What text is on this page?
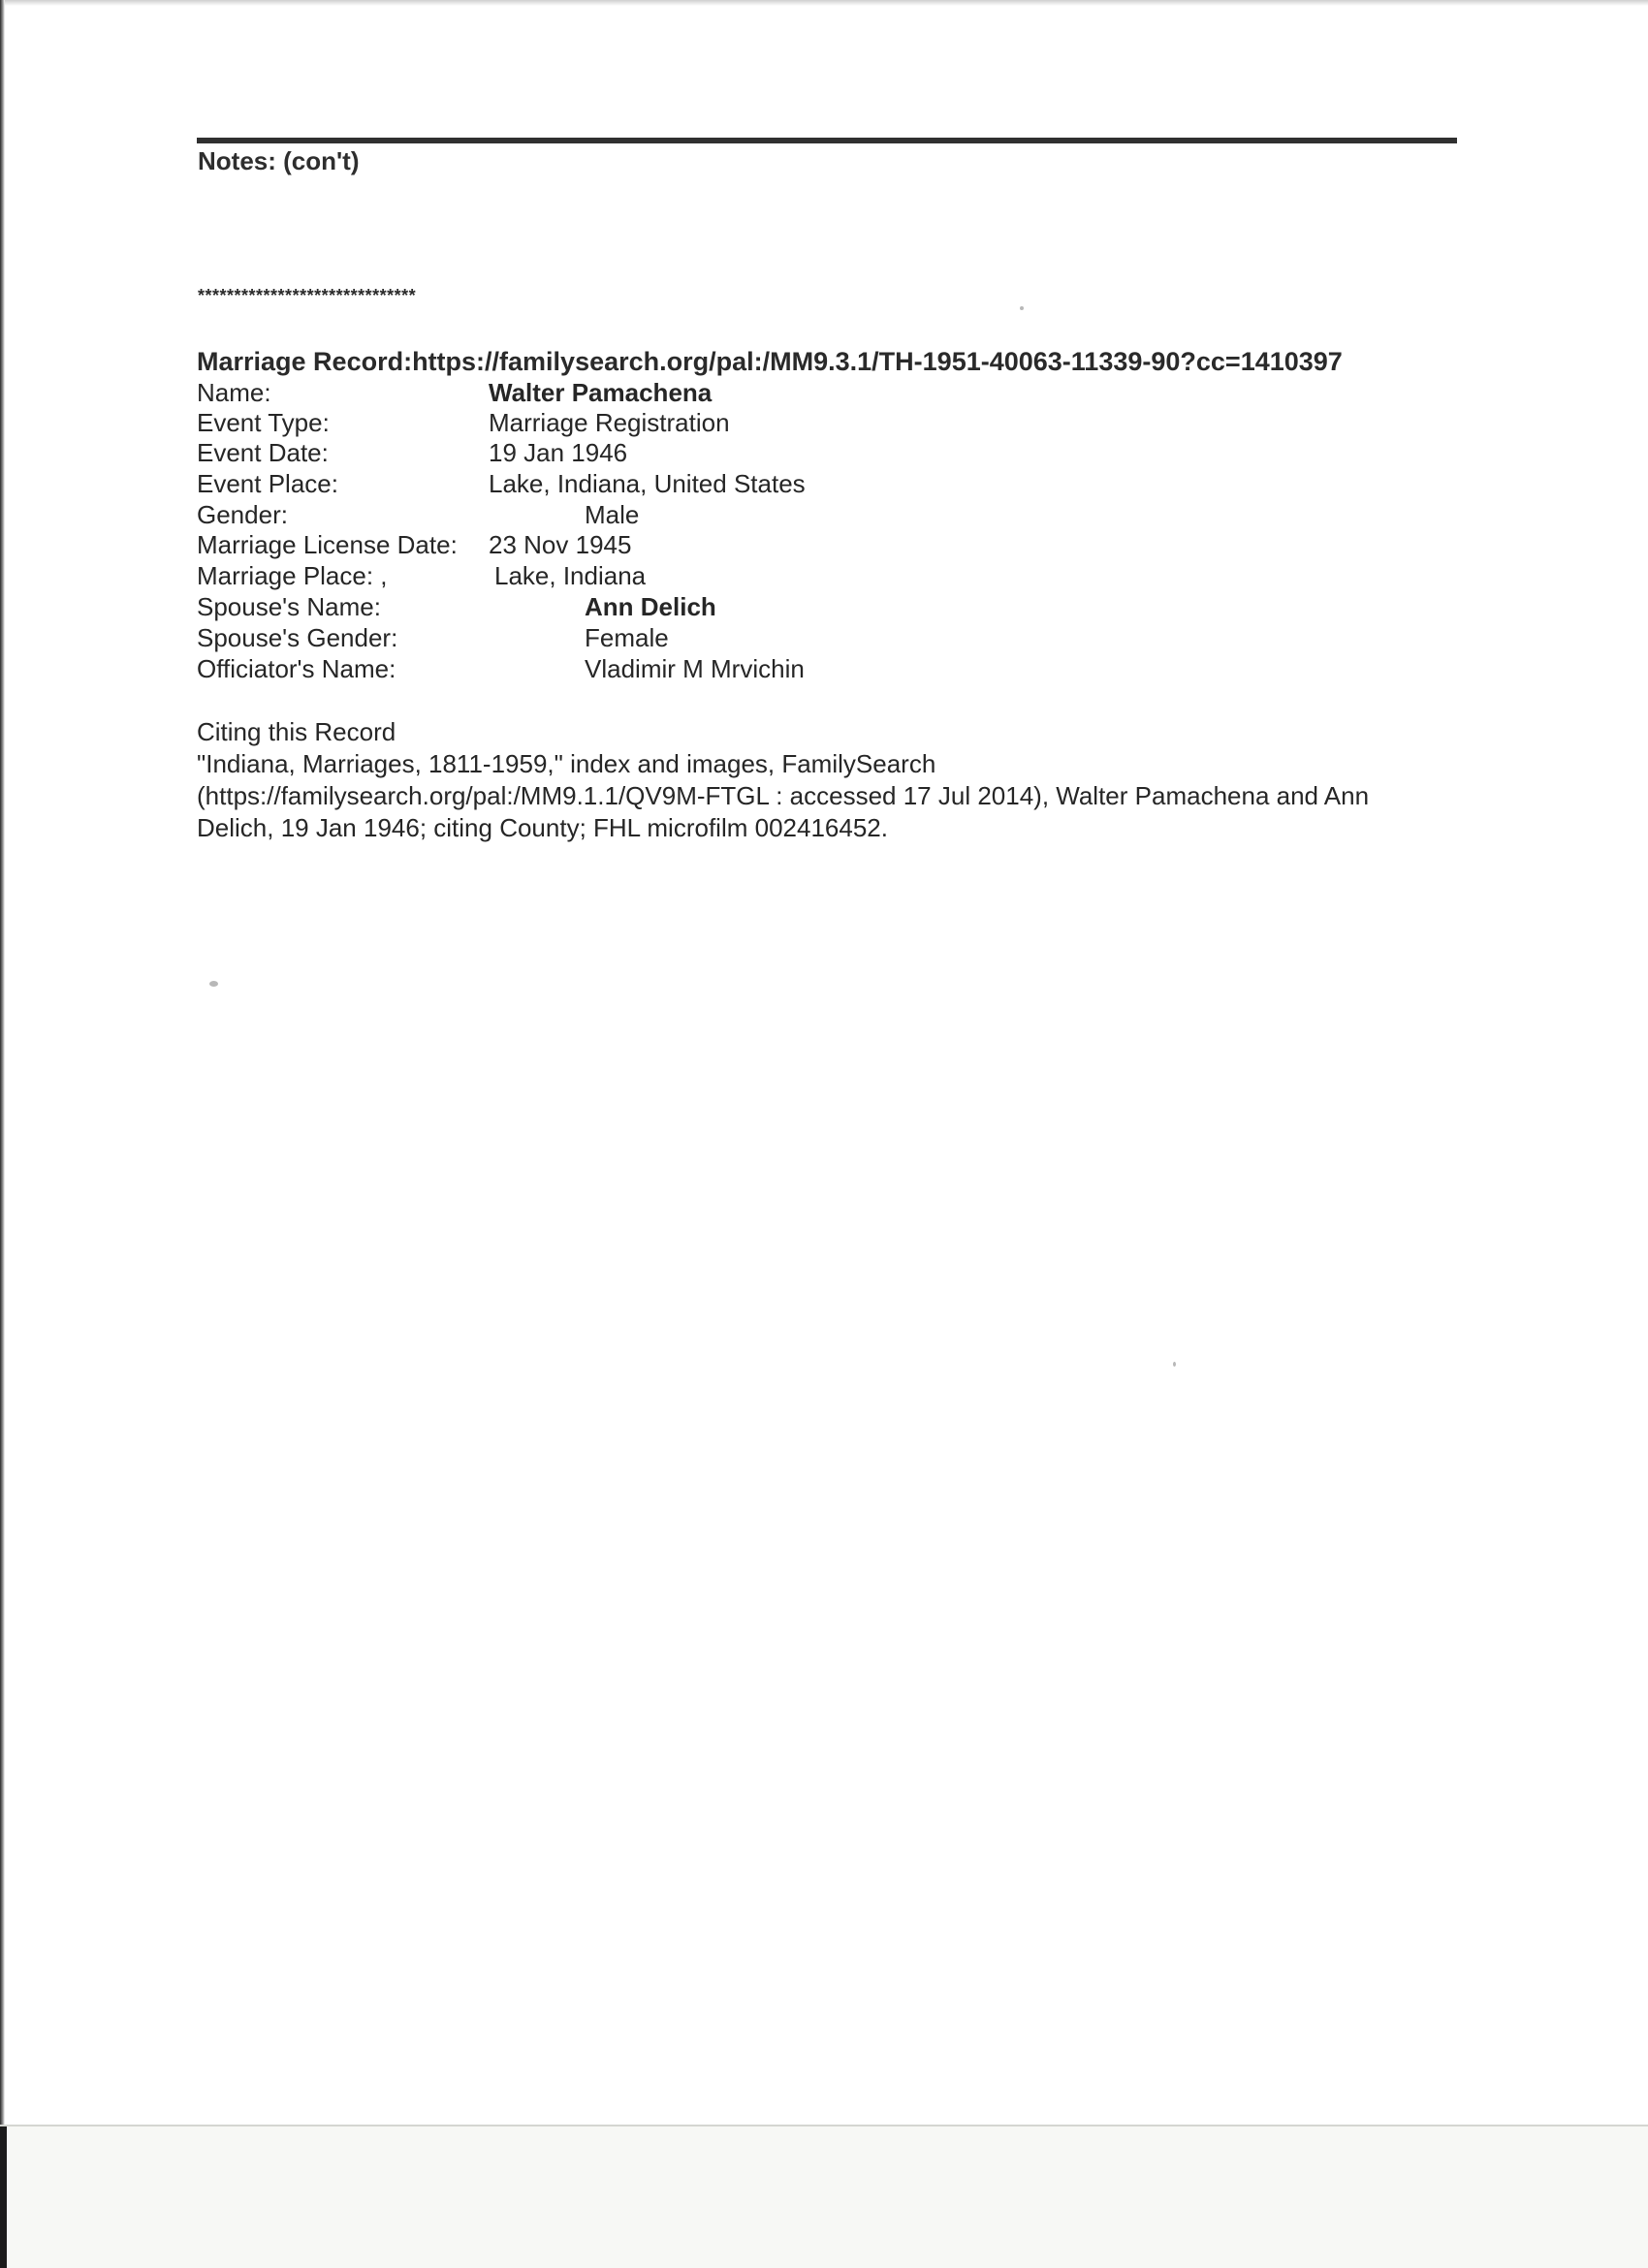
Notes: (con't)
******************************
Marriage Record:https://familysearch.org/pal:/MM9.3.1/TH-1951-40063-11339-90?cc=1410397
Name:
Event Type:
Event Date:
Event Place:
Gender:
Marriage License Date:
Marriage Place: ,
Spouse's Name:
Spouse's Gender:
Officiator's Name:
Walter Pamachena
Marriage Registration
19 Jan 1946
Lake, Indiana, United States
Male
23 Nov 1945
Lake, Indiana
Ann Delich
Female
Vladimir M Mrvichin
Citing this Record
"Indiana, Marriages, 1811-1959," index and images, FamilySearch
(https://familysearch.org/pal:/MM9.1.1/QV9M-FTGL : accessed 17 Jul 2014), Walter Pamachena and Ann
Delich, 19 Jan 1946; citing County; FHL microfilm 002416452.
